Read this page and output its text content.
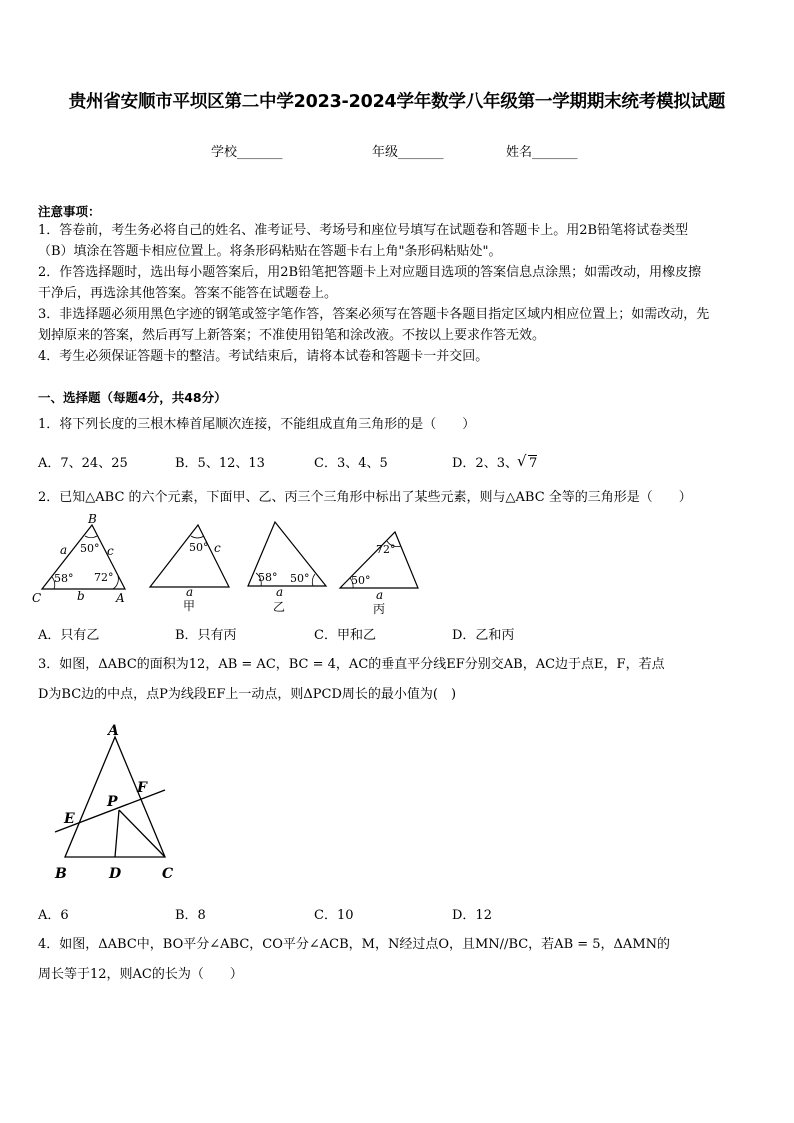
贵州省安顺市平坝区第二中学2023-2024学年数学八年级第一学期期末统考模拟试题
学校_______	年级_______	姓名_______
注意事项：
1．答卷前，考生务必将自己的姓名、准考证号、考场号和座位号填写在试题卷和答题卡上。用2B铅笔将试卷类型
（B）填涂在答题卡相应位置上。将条形码粘贴在答题卡右上角"条形码粘贴处"。
2．作答选择题时，选出每小题答案后，用2B铅笔把答题卡上对应题目选项的答案信息点涂黑；如需改动，用橡皮擦
干净后，再选涂其他答案。答案不能答在试题卷上。
3．非选择题必须用黑色字迹的钢笔或签字笔作答，答案必须写在答题卡各题目指定区域内相应位置上；如需改动，先
划掉原来的答案，然后再写上新答案；不准使用铅笔和涂改液。不按以上要求作答无效。
4．考生必须保证答题卡的整洁。考试结束后，请将本试卷和答题卡一并交回。
一、选择题（每题4分，共48分）
1．将下列长度的三根木棒首尾顺次连接，不能组成直角三角形的是（　　）
A．7、24、25	B．5、12、13	C．3、4、5	D．2、3、 √ 7
2．已知△ABC 的六个元素，下面甲、乙、丙三个三角形中标出了某些元素，则与△ABC 全等的三角形是（　　）
B
C	A
a	c
b
50°
58° 72°
50° c
a
甲
58° 50°
a
乙
72°
50°
a
丙
A．只有乙	B．只有丙	C．甲和乙	D．乙和丙
3．如图，ΔABC的面积为12，AB = AC，BC = 4，AC的垂直平分线EF分别交AB，AC边于点E，F，若点
D为BC边的中点，点P为线段EF上一动点，则ΔPCD周长的最小值为(　)
A
B	D	C
E
F
P
A．6	B．8	C．10	D．12
4．如图，ΔABC中，BO平分∠ABC，CO平分∠ACB，M，N经过点O，且MN//BC，若AB = 5，ΔAMN的
周长等于12，则AC的长为（　　）
